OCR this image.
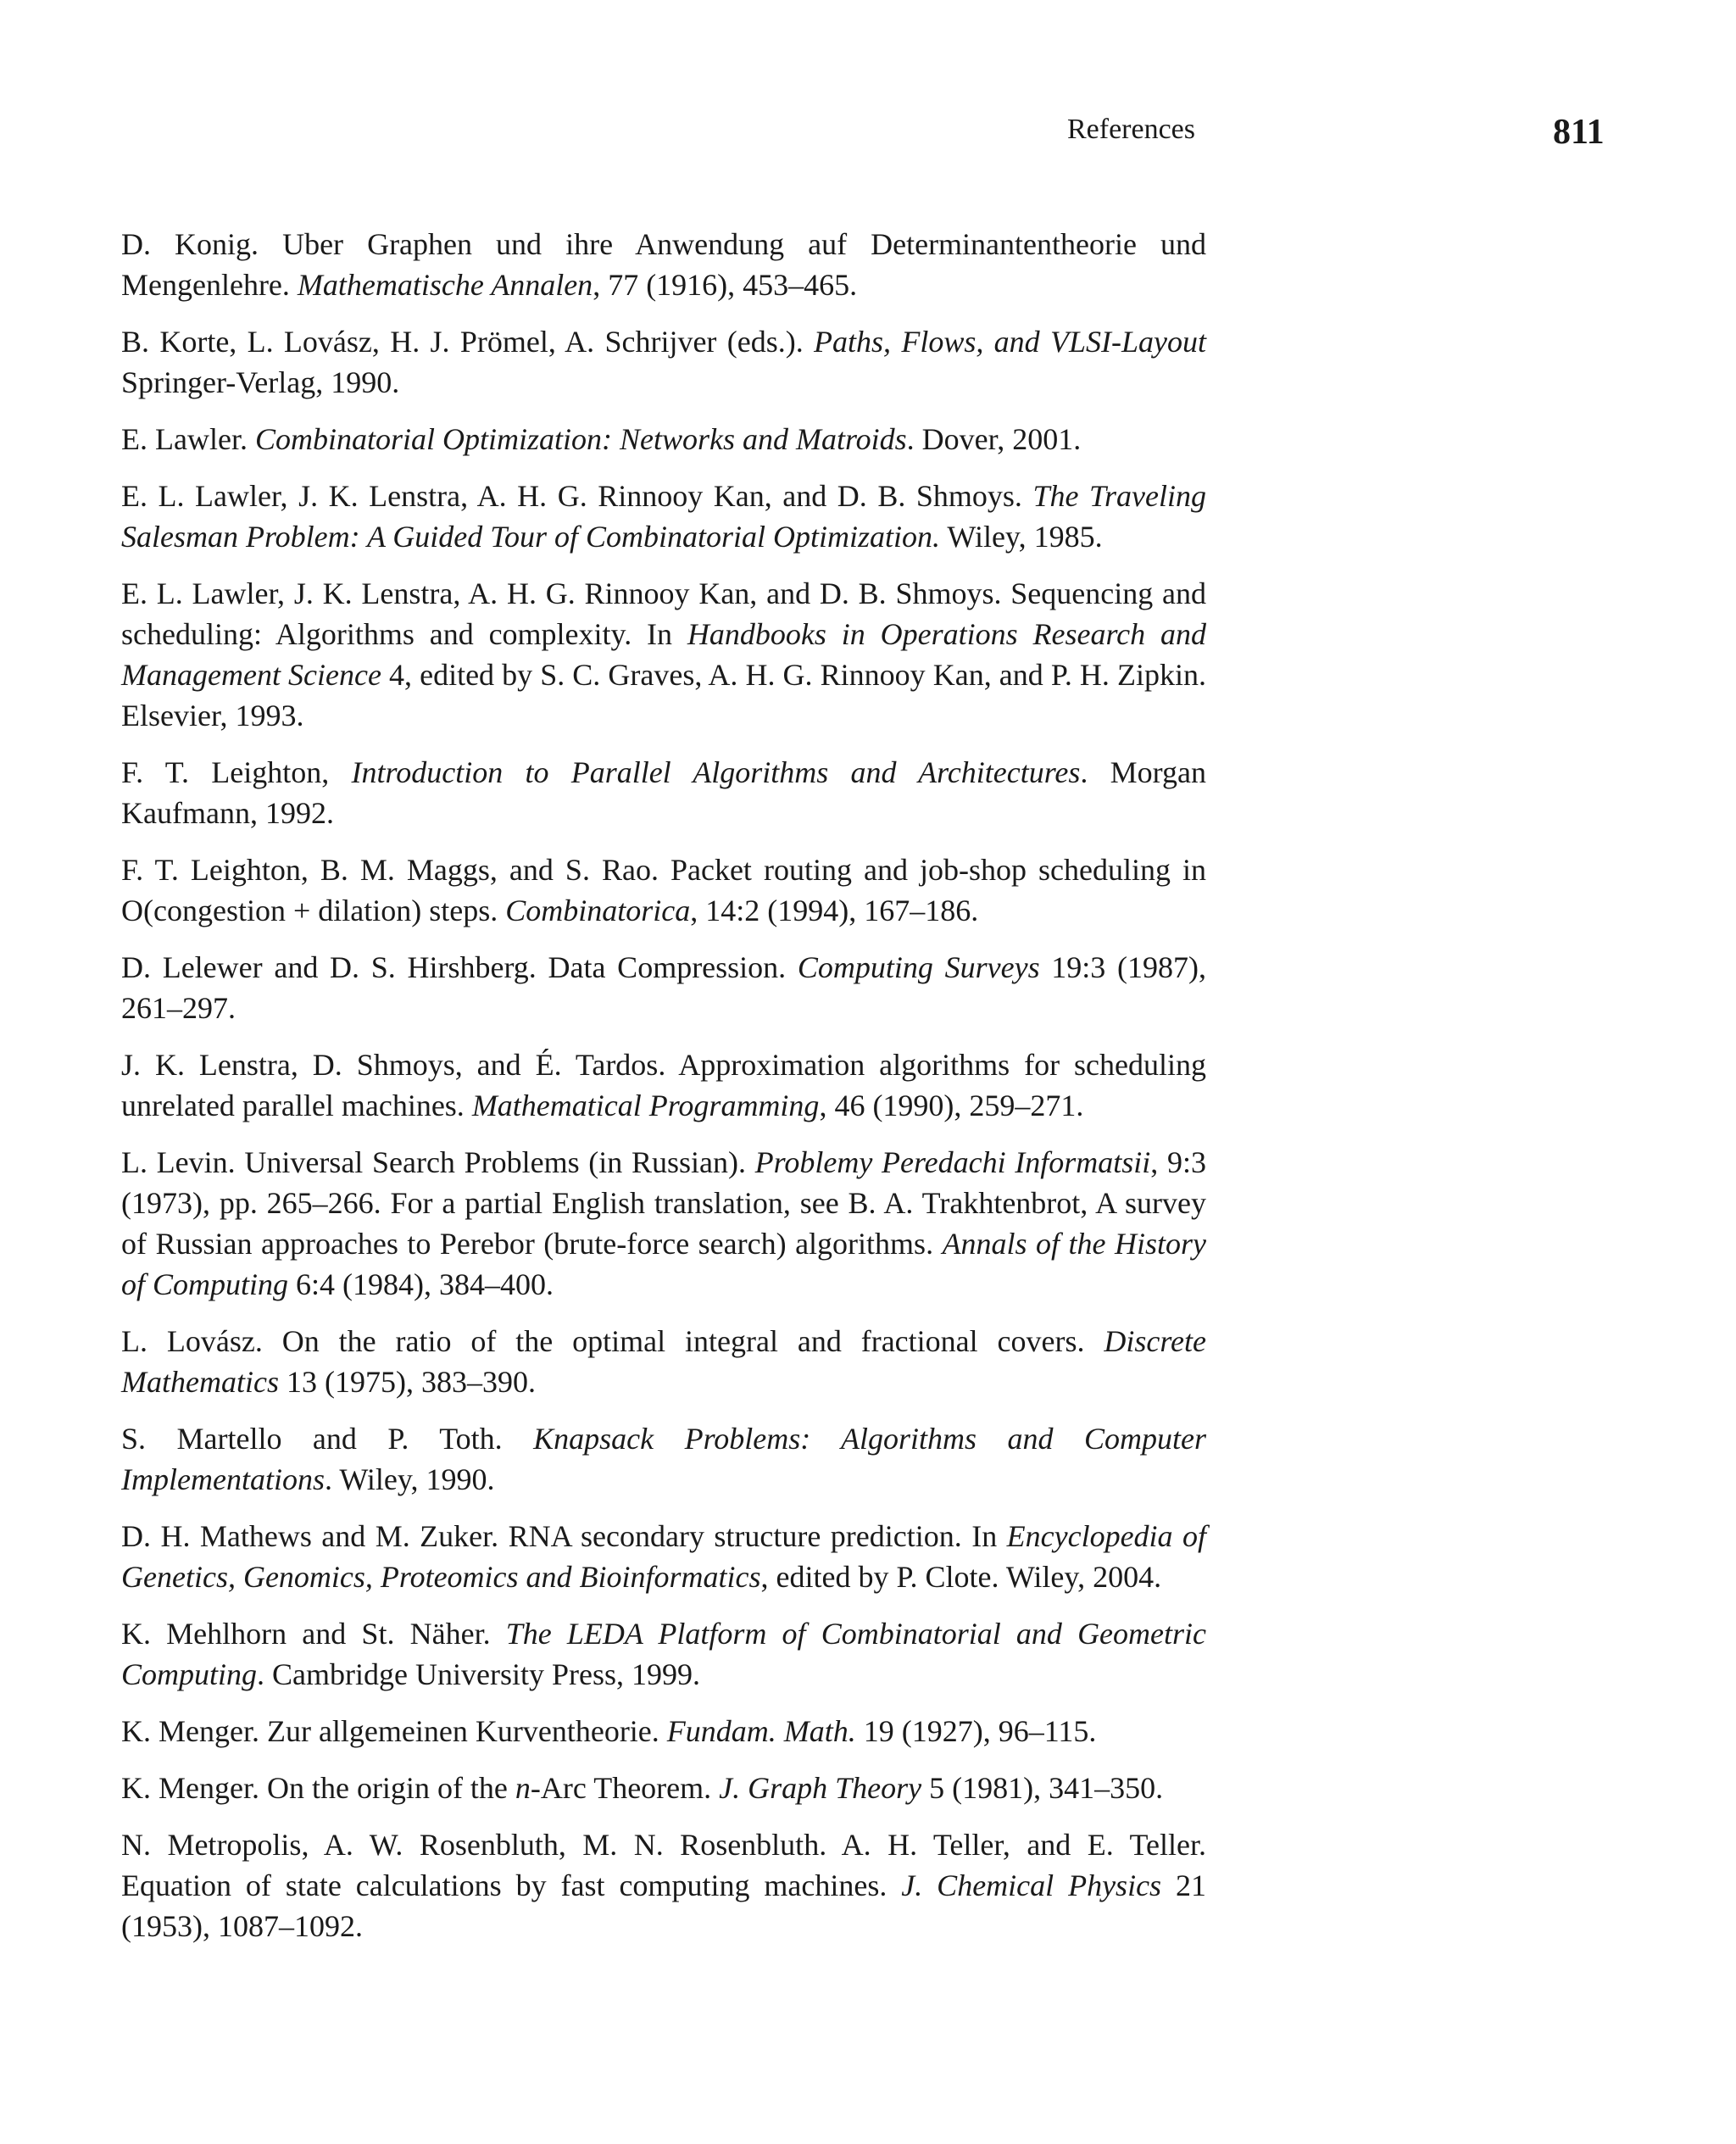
References	811

D. Konig. Uber Graphen und ihre Anwendung auf Determinantentheorie und Mengenlehre. Mathematische Annalen, 77 (1916), 453–465.

B. Korte, L. Lovász, H. J. Prömel, A. Schrijver (eds.). Paths, Flows, and VLSI-Layout Springer-Verlag, 1990.

E. Lawler. Combinatorial Optimization: Networks and Matroids. Dover, 2001.

E. L. Lawler, J. K. Lenstra, A. H. G. Rinnooy Kan, and D. B. Shmoys. The Traveling Salesman Problem: A Guided Tour of Combinatorial Optimization. Wiley, 1985.

E. L. Lawler, J. K. Lenstra, A. H. G. Rinnooy Kan, and D. B. Shmoys. Sequencing and scheduling: Algorithms and complexity. In Handbooks in Operations Research and Management Science 4, edited by S. C. Graves, A. H. G. Rinnooy Kan, and P. H. Zipkin. Elsevier, 1993.

F. T. Leighton, Introduction to Parallel Algorithms and Architectures. Morgan Kaufmann, 1992.

F. T. Leighton, B. M. Maggs, and S. Rao. Packet routing and job-shop scheduling in O(congestion + dilation) steps. Combinatorica, 14:2 (1994), 167–186.

D. Lelewer and D. S. Hirshberg. Data Compression. Computing Surveys 19:3 (1987), 261–297.

J. K. Lenstra, D. Shmoys, and É. Tardos. Approximation algorithms for scheduling unrelated parallel machines. Mathematical Programming, 46 (1990), 259–271.

L. Levin. Universal Search Problems (in Russian). Problemy Peredachi Informatsii, 9:3 (1973), pp. 265–266. For a partial English translation, see B. A. Trakhtenbrot, A survey of Russian approaches to Perebor (brute-force search) algorithms. Annals of the History of Computing 6:4 (1984), 384–400.

L. Lovász. On the ratio of the optimal integral and fractional covers. Discrete Mathematics 13 (1975), 383–390.

S. Martello and P. Toth. Knapsack Problems: Algorithms and Computer Implementations. Wiley, 1990.

D. H. Mathews and M. Zuker. RNA secondary structure prediction. In Encyclopedia of Genetics, Genomics, Proteomics and Bioinformatics, edited by P. Clote. Wiley, 2004.

K. Mehlhorn and St. Näher. The LEDA Platform of Combinatorial and Geometric Computing. Cambridge University Press, 1999.

K. Menger. Zur allgemeinen Kurventheorie. Fundam. Math. 19 (1927), 96–115.

K. Menger. On the origin of the n-Arc Theorem. J. Graph Theory 5 (1981), 341–350.

N. Metropolis, A. W. Rosenbluth, M. N. Rosenbluth. A. H. Teller, and E. Teller. Equation of state calculations by fast computing machines. J. Chemical Physics 21 (1953), 1087–1092.
